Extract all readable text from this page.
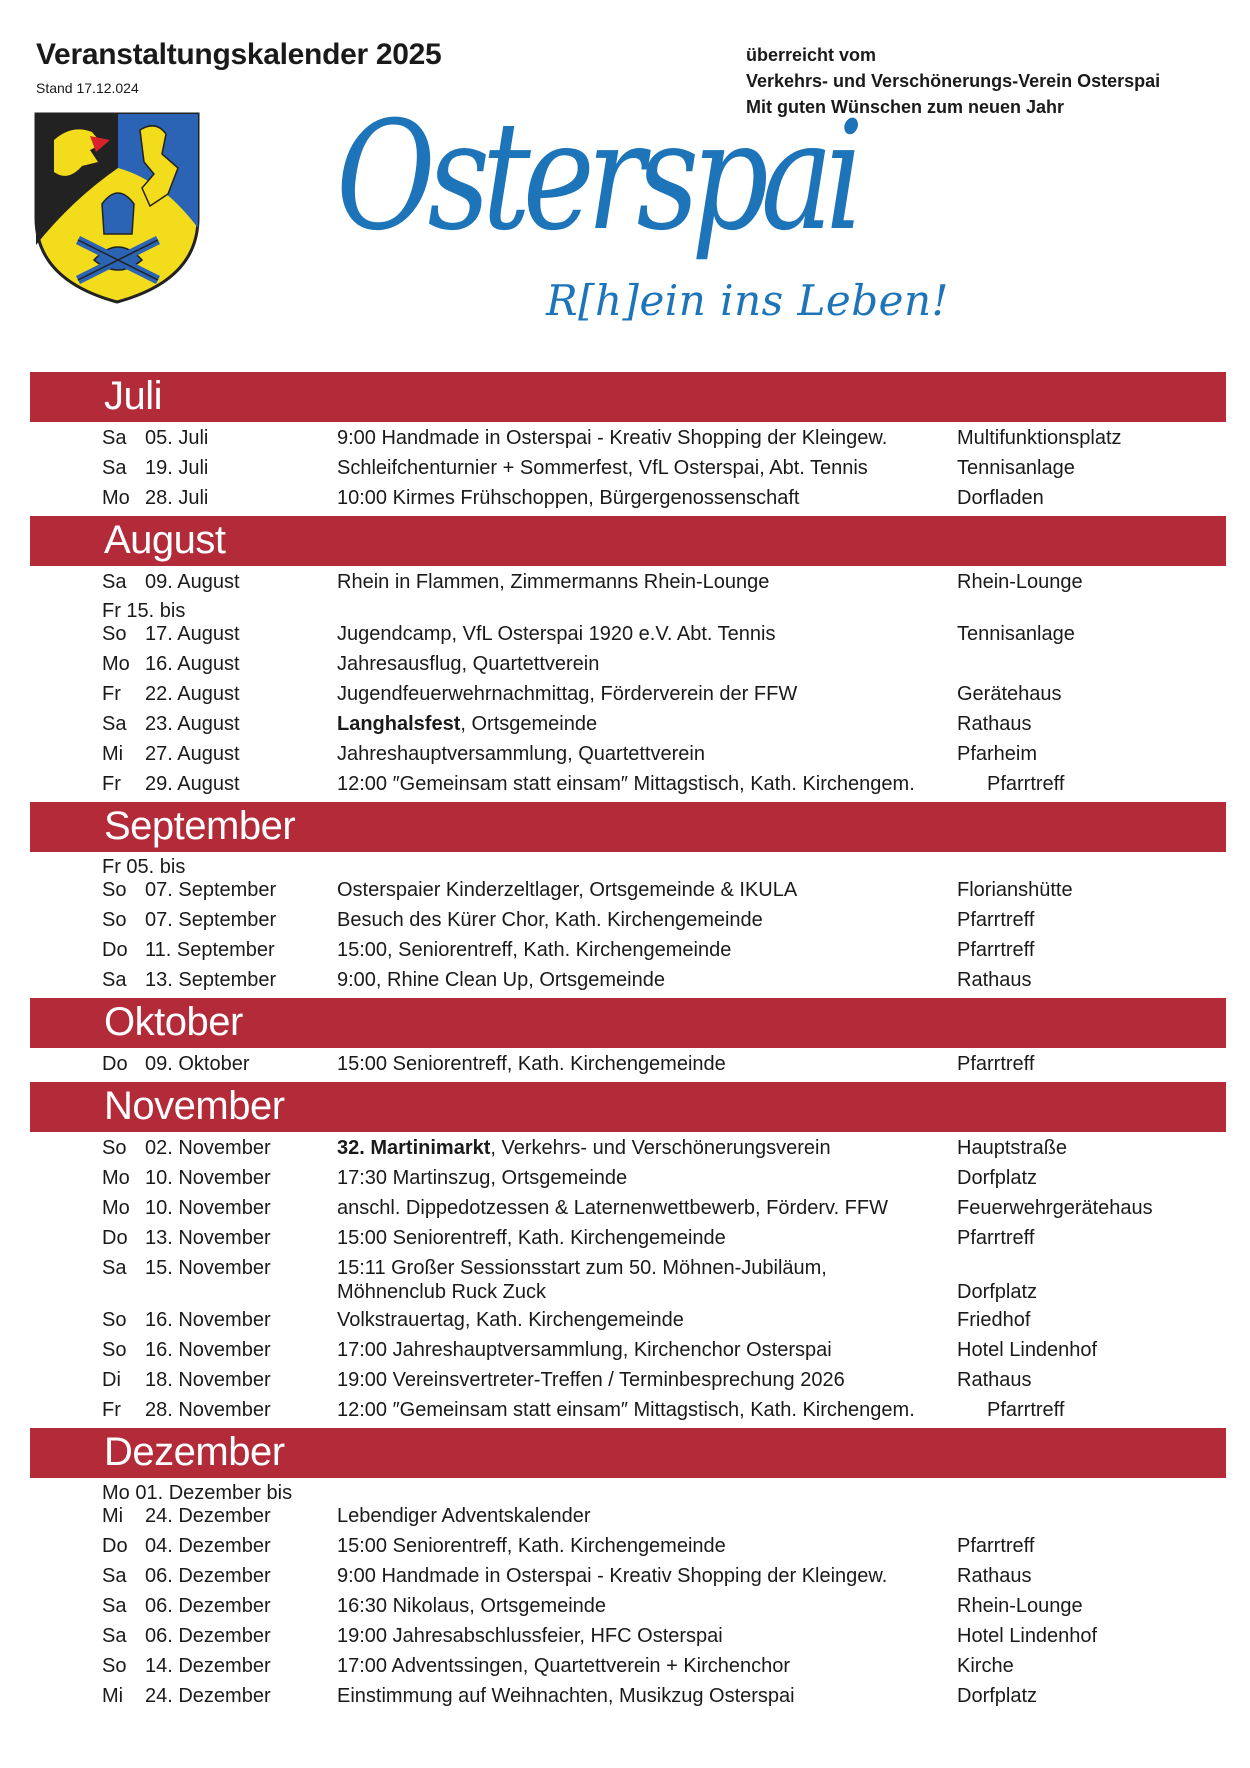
Veranstaltungskalender 2025
Stand 17.12.024
überreicht vom
Verkehrs- und Verschönerungs-Verein Osterspai
Mit guten Wünschen zum neuen Jahr
Osterspai
R[h]ein ins Leben!
Juli
Sa 05. Juli	9:00 Handmade in Osterspai - Kreativ Shopping der Kleingew.	Multifunktionsplatz
Sa 19. Juli	Schleifchenturnier + Sommerfest, VfL Osterspai, Abt. Tennis	Tennisanlage
Mo 28. Juli	10:00 Kirmes Frühschoppen, Bürgergenossenschaft	Dorfladen
August
Sa 09. August	Rhein in Flammen, Zimmermanns Rhein-Lounge	Rhein-Lounge
Fr 15. bis
So 17. August	Jugendcamp, VfL Osterspai 1920 e.V. Abt. Tennis	Tennisanlage
Mo 16. August	Jahresausflug, Quartettverein
Fr 22. August	Jugendfeuerwehrnachmittag, Förderverein der FFW	Gerätehaus
Sa 23. August	Langhalsfest, Ortsgemeinde	Rathaus
Mi 27. August	Jahreshauptversammlung, Quartettverein	Pfarheim
Fr 29. August	12:00 ″Gemeinsam statt einsam″ Mittagstisch, Kath. Kirchengem.	Pfarrtreff
September
Fr 05. bis
So 07. September	Osterspaier Kinderzeltlager, Ortsgemeinde & IKULA	Florianshütte
So 07. September	Besuch des Kürer Chor, Kath. Kirchengemeinde	Pfarrtreff
Do 11. September	15:00, Seniorentreff, Kath. Kirchengemeinde	Pfarrtreff
Sa 13. September	9:00, Rhine Clean Up, Ortsgemeinde	Rathaus
Oktober
Do 09. Oktober	15:00 Seniorentreff, Kath. Kirchengemeinde	Pfarrtreff
November
So 02. November	32. Martinimarkt, Verkehrs- und Verschönerungsverein	Hauptstraße
Mo 10. November	17:30 Martinszug, Ortsgemeinde	Dorfplatz
Mo 10. November	anschl. Dippedotzessen & Laternenwettbewerb, Förderv. FFW	Feuerwehrgerätehaus
Do 13. November	15:00 Seniorentreff, Kath. Kirchengemeinde	Pfarrtreff
Sa 15. November	15:11 Großer Sessionsstart zum 50. Möhnen-Jubiläum,
Möhnenclub Ruck Zuck	Dorfplatz
So 16. November	Volkstrauertag, Kath. Kirchengemeinde	Friedhof
So 16. November	17:00 Jahreshauptversammlung, Kirchenchor Osterspai	Hotel Lindenhof
Di 18. November	19:00 Vereinsvertreter-Treffen / Terminbesprechung 2026	Rathaus
Fr 28. November	12:00 ″Gemeinsam statt einsam″ Mittagstisch, Kath. Kirchengem.	Pfarrtreff
Dezember
Mo 01. Dezember bis
Mi 24. Dezember	Lebendiger Adventskalender
Do 04. Dezember	15:00 Seniorentreff, Kath. Kirchengemeinde	Pfarrtreff
Sa 06. Dezember	9:00 Handmade in Osterspai - Kreativ Shopping der Kleingew.	Rathaus
Sa 06. Dezember	16:30 Nikolaus, Ortsgemeinde	Rhein-Lounge
Sa 06. Dezember	19:00 Jahresabschlussfeier, HFC Osterspai	Hotel Lindenhof
So 14. Dezember	17:00 Adventssingen, Quartettverein + Kirchenchor	Kirche
Mi 24. Dezember	Einstimmung auf Weihnachten, Musikzug Osterspai	Dorfplatz
